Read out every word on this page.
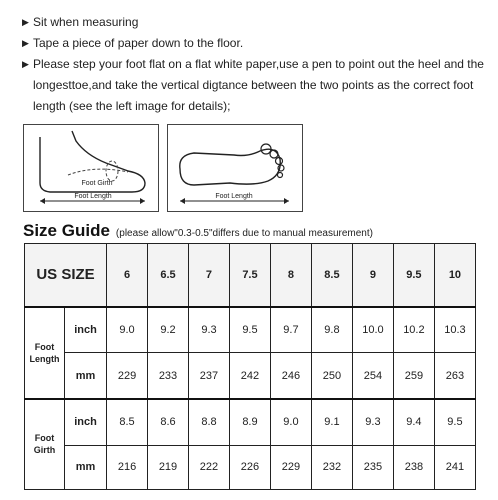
▶ Sit when measuring
▶ Tape a piece of paper down to the floor.
▶ Please step your foot flat on a flat white paper,use a pen to point out the heel and the longesttoe,and take the vertical digtance between the two points as the correct foot length (see the left image for details);
Foot Girth
Foot Length	Foot Length
Size Guide (please allow"0.3-0.5"differs due to manual measurement)
US SIZE		6	6.5	7	7.5	8	8.5	9	9.5	10
Foot Length	inch	9.0	9.2	9.3	9.5	9.7	9.8	10.0	10.2	10.3
	mm	229	233	237	242	246	250	254	259	263
Foot Girth	inch	8.5	8.6	8.8	8.9	9.0	9.1	9.3	9.4	9.5
	mm	216	219	222	226	229	232	235	238	241
